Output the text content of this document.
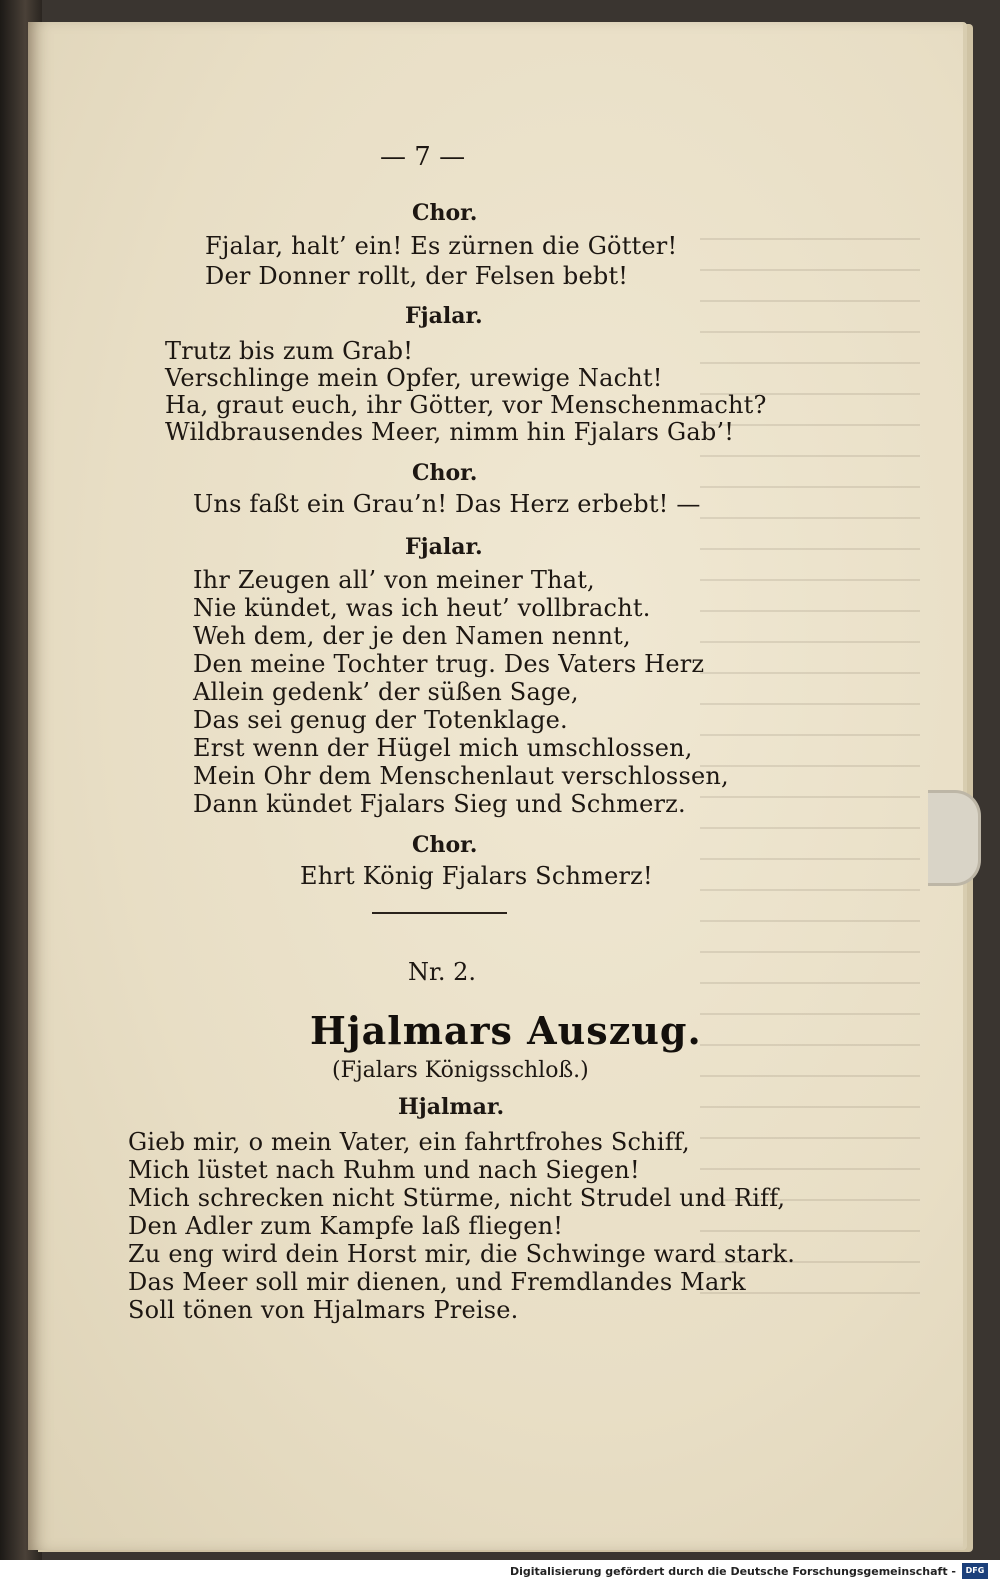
— 7 —
Chor.
Fjalar, halt’ ein! Es zürnen die Götter!
Der Donner rollt, der Felsen bebt!
Fjalar.
Trutz bis zum Grab!
Verschlinge mein Opfer, urewige Nacht!
Ha, graut euch, ihr Götter, vor Menschenmacht?
Wildbrausendes Meer, nimm hin Fjalars Gab’!
Chor.
Uns faßt ein Grau’n! Das Herz erbebt! —
Fjalar.
Ihr Zeugen all’ von meiner That,
Nie kündet, was ich heut’ vollbracht.
Weh dem, der je den Namen nennt,
Den meine Tochter trug. Des Vaters Herz
Allein gedenk’ der süßen Sage,
Das sei genug der Totenklage.
Erst wenn der Hügel mich umschlossen,
Mein Ohr dem Menschenlaut verschlossen,
Dann kündet Fjalars Sieg und Schmerz.
Chor.
Ehrt König Fjalars Schmerz!
Nr. 2.
Hjalmars Auszug.
(Fjalars Königsschloß.)
Hjalmar.
Gieb mir, o mein Vater, ein fahrtfrohes Schiff,
Mich lüstet nach Ruhm und nach Siegen!
Mich schrecken nicht Stürme, nicht Strudel und Riff,
Den Adler zum Kampfe laß fliegen!
Zu eng wird dein Horst mir, die Schwinge ward stark.
Das Meer soll mir dienen, und Fremdlandes Mark
Soll tönen von Hjalmars Preise.
Digitalisierung gefördert durch die Deutsche Forschungsgemeinschaft -	DFG
